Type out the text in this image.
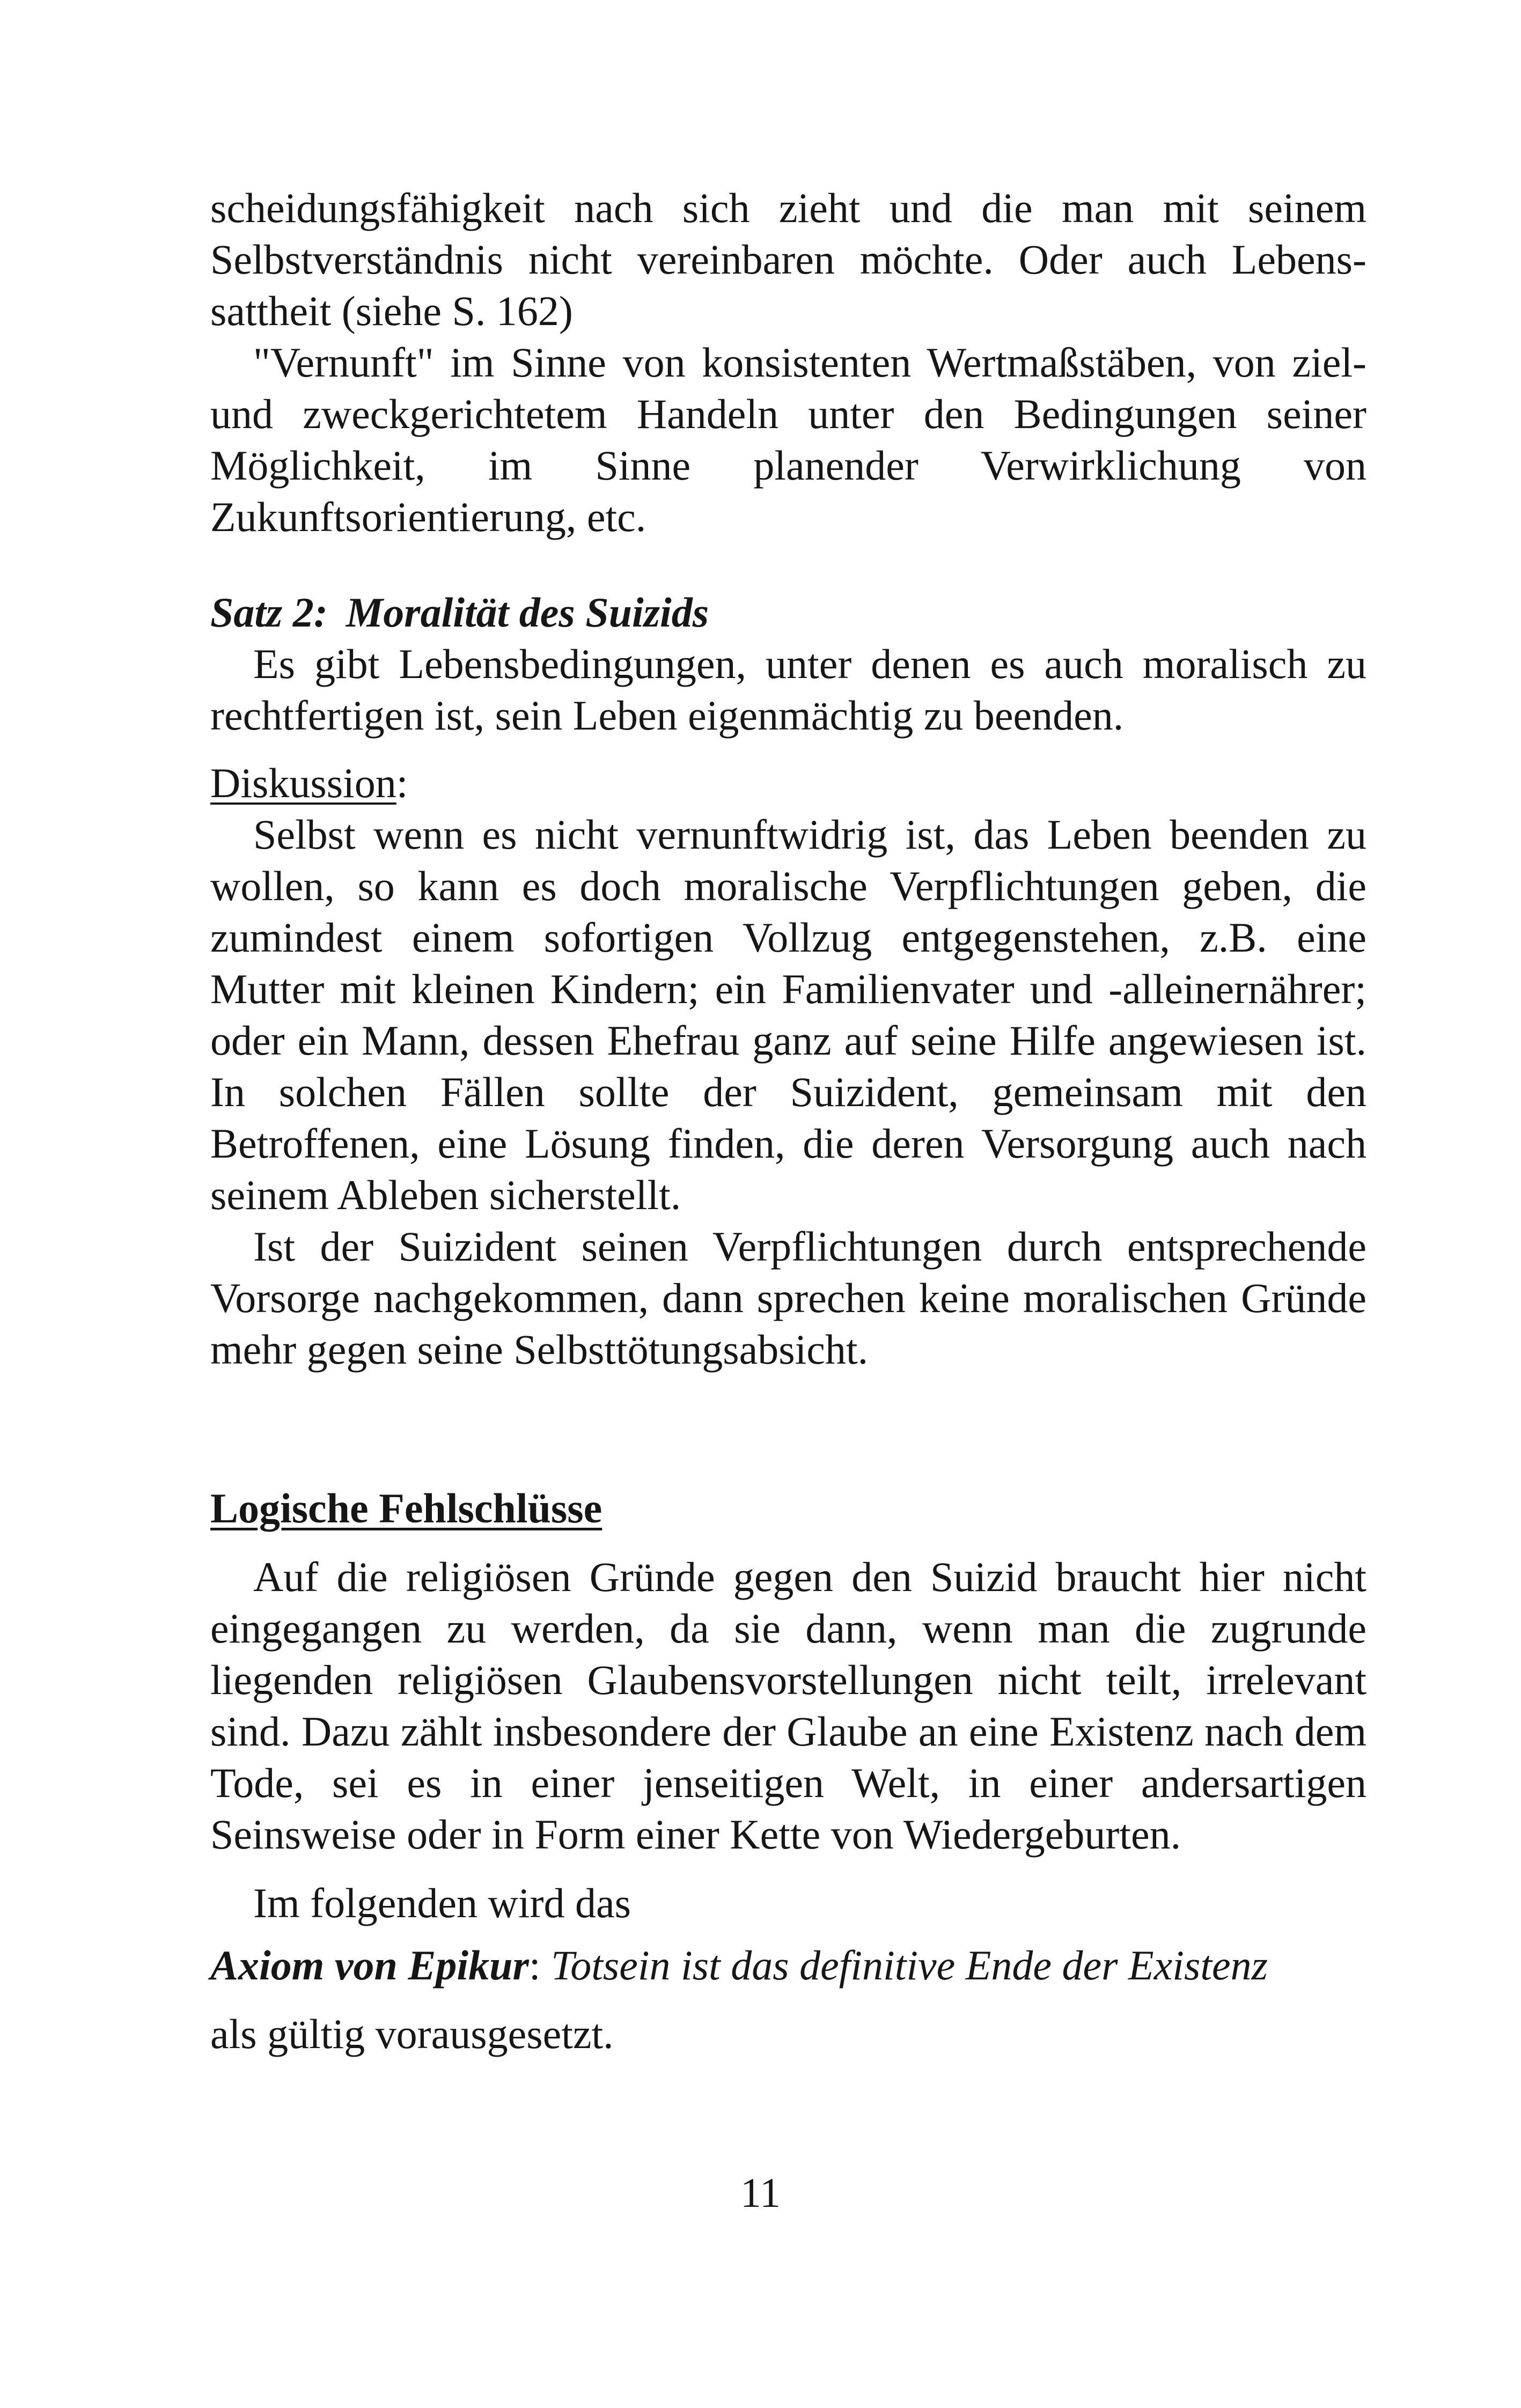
scheidungsfähigkeit nach sich zieht und die man mit seinem Selbstverständnis nicht vereinbaren möchte. Oder auch Lebenssattheit (siehe S. 162)

"Vernunft" im Sinne von konsistenten Wertmaßstäben, von ziel- und zweckgerichtetem Handeln unter den Bedingungen seiner Möglichkeit, im Sinne planender Verwirklichung von Zukunftsorientierung, etc.

Satz 2: Moralität des Suizids

Es gibt Lebensbedingungen, unter denen es auch moralisch zu rechtfertigen ist, sein Leben eigenmächtig zu beenden.

Diskussion:

Selbst wenn es nicht vernunftwidrig ist, das Leben beenden zu wollen, so kann es doch moralische Verpflichtungen geben, die zumindest einem sofortigen Vollzug entgegenstehen, z.B. eine Mutter mit kleinen Kindern; ein Familienvater und -alleinernährer; oder ein Mann, dessen Ehefrau ganz auf seine Hilfe angewiesen ist. In solchen Fällen sollte der Suizident, gemeinsam mit den Betroffenen, eine Lösung finden, die deren Versorgung auch nach seinem Ableben sicherstellt.

Ist der Suizident seinen Verpflichtungen durch entsprechende Vorsorge nachgekommen, dann sprechen keine moralischen Gründe mehr gegen seine Selbsttötungsabsicht.

Logische Fehlschlüsse

Auf die religiösen Gründe gegen den Suizid braucht hier nicht eingegangen zu werden, da sie dann, wenn man die zugrunde liegenden religiösen Glaubensvorstellungen nicht teilt, irrelevant sind. Dazu zählt insbesondere der Glaube an eine Existenz nach dem Tode, sei es in einer jenseitigen Welt, in einer andersartigen Seinsweise oder in Form einer Kette von Wiedergeburten.

Im folgenden wird das

Axiom von Epikur: Totsein ist das definitive Ende der Existenz

als gültig vorausgesetzt.

11
